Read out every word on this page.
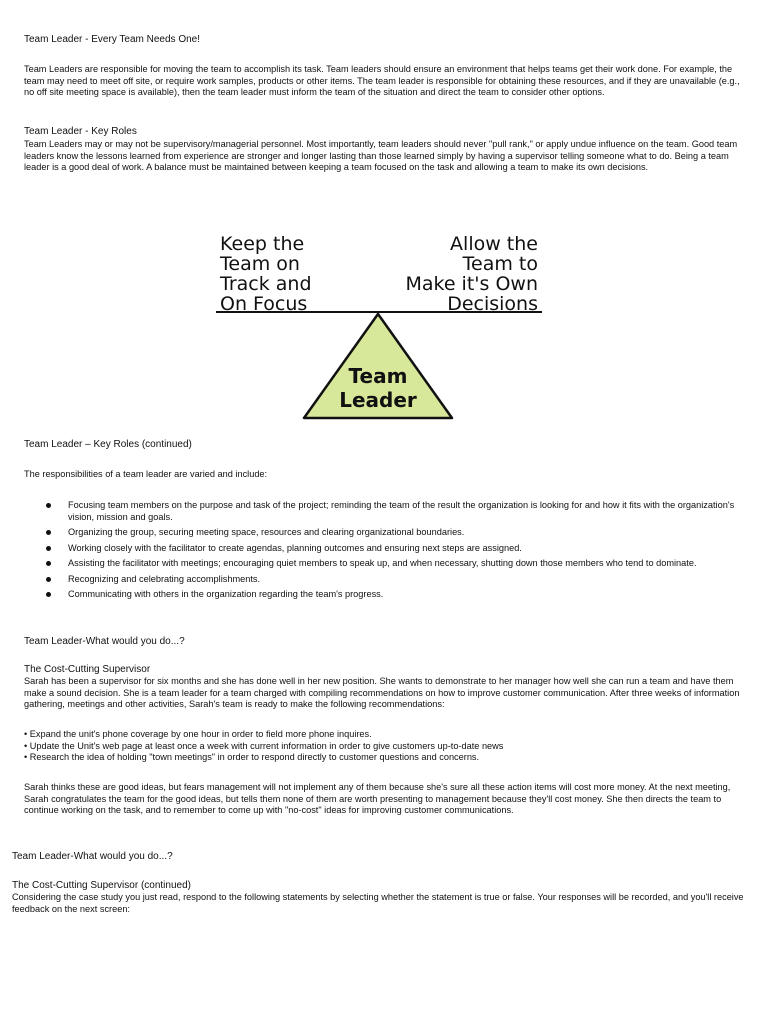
Team Leader - Every Team Needs One!

Team Leaders are responsible for moving the team to accomplish its task. Team leaders should ensure an environment that helps teams get their work done. For example, the team may need to meet off site, or require work samples, products or other items. The team leader is responsible for obtaining these resources, and if they are unavailable (e.g., no off site meeting space is available), then the team leader must inform the team of the situation and direct the team to consider other options.

Team Leader - Key Roles

Team Leaders may or may not be supervisory/managerial personnel. Most importantly, team leaders should never "pull rank," or apply undue influence on the team. Good team leaders know the lessons learned from experience are stronger and longer lasting than those learned simply by having a supervisor telling someone what to do. Being a team leader is a good deal of work. A balance must be maintained between keeping a team focused on the task and allowing a team to make its own decisions.

Keep the
Team on
Track and
On Focus
Allow the
Team to
Make it's Own
Decisions
Team
Leader

Team Leader – Key Roles (continued)

The responsibilities of a team leader are varied and include:

Focusing team members on the purpose and task of the project; reminding the team of the result the organization is looking for and how it fits with the organization's vision, mission and goals.
Organizing the group, securing meeting space, resources and clearing organizational boundaries.
Working closely with the facilitator to create agendas, planning outcomes and ensuring next steps are assigned.
Assisting the facilitator with meetings; encouraging quiet members to speak up, and when necessary, shutting down those members who tend to dominate.
Recognizing and celebrating accomplishments.
Communicating with others in the organization regarding the team's progress.

Team Leader-What would you do...?

The Cost-Cutting Supervisor

Sarah has been a supervisor for six months and she has done well in her new position. She wants to demonstrate to her manager how well she can run a team and have them make a sound decision. She is a team leader for a team charged with compiling recommendations on how to improve customer communication. After three weeks of information gathering, meetings and other activities, Sarah's team is ready to make the following recommendations:

• Expand the unit's phone coverage by one hour in order to field more phone inquires.
• Update the Unit's web page at least once a week with current information in order to give customers up-to-date news
• Research the idea of holding "town meetings" in order to respond directly to customer questions and concerns.

Sarah thinks these are good ideas, but fears management will not implement any of them because she's sure all these action items will cost more money. At the next meeting, Sarah congratulates the team for the good ideas, but tells them none of them are worth presenting to management because they'll cost money. She then directs the team to continue working on the task, and to remember to come up with "no-cost" ideas for improving customer communications.

Team Leader-What would you do...?

The Cost-Cutting Supervisor (continued)

Considering the case study you just read, respond to the following statements by selecting whether the statement is true or false. Your responses will be recorded, and you'll receive feedback on the next screen:
